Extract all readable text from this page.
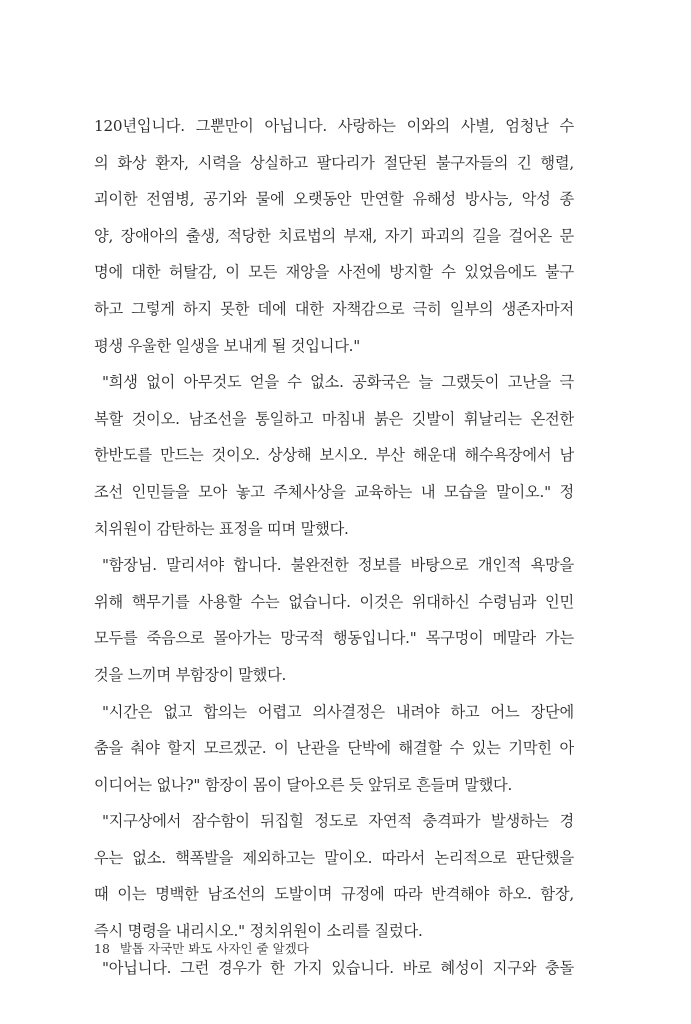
120년입니다. 그뿐만이 아닙니다. 사랑하는 이와의 사별, 엄청난 수
의 화상 환자, 시력을 상실하고 팔다리가 절단된 불구자들의 긴 행렬,
괴이한 전염병, 공기와 물에 오랫동안 만연할 유해성 방사능, 악성 종
양, 장애아의 출생, 적당한 치료법의 부재, 자기 파괴의 길을 걸어온 문
명에 대한 허탈감, 이 모든 재앙을 사전에 방지할 수 있었음에도 불구
하고 그렇게 하지 못한 데에 대한 자책감으로 극히 일부의 생존자마저
평생 우울한 일생을 보내게 될 것입니다."
"희생 없이 아무것도 얻을 수 없소. 공화국은 늘 그랬듯이 고난을 극
복할 것이오. 남조선을 통일하고 마침내 붉은 깃발이 휘날리는 온전한
한반도를 만드는 것이오. 상상해 보시오. 부산 해운대 해수욕장에서 남
조선 인민들을 모아 놓고 주체사상을 교육하는 내 모습을 말이오." 정
치위원이 감탄하는 표정을 띠며 말했다.
"함장님. 말리셔야 합니다. 불완전한 정보를 바탕으로 개인적 욕망을
위해 핵무기를 사용할 수는 없습니다. 이것은 위대하신 수령님과 인민
모두를 죽음으로 몰아가는 망국적 행동입니다." 목구멍이 메말라 가는
것을 느끼며 부함장이 말했다.
"시간은 없고 합의는 어렵고 의사결정은 내려야 하고 어느 장단에
춤을 춰야 할지 모르겠군. 이 난관을 단박에 해결할 수 있는 기막힌 아
이디어는 없나?" 함장이 몸이 달아오른 듯 앞뒤로 흔들며 말했다.
"지구상에서 잠수함이 뒤집힐 정도로 자연적 충격파가 발생하는 경
우는 없소. 핵폭발을 제외하고는 말이오. 따라서 논리적으로 판단했을
때 이는 명백한 남조선의 도발이며 규정에 따라 반격해야 하오. 함장,
즉시 명령을 내리시오." 정치위원이 소리를 질렀다.
"아닙니다. 그런 경우가 한 가지 있습니다. 바로 혜성이 지구와 충돌
18 발톱 자국만 봐도 사자인 줄 알겠다
